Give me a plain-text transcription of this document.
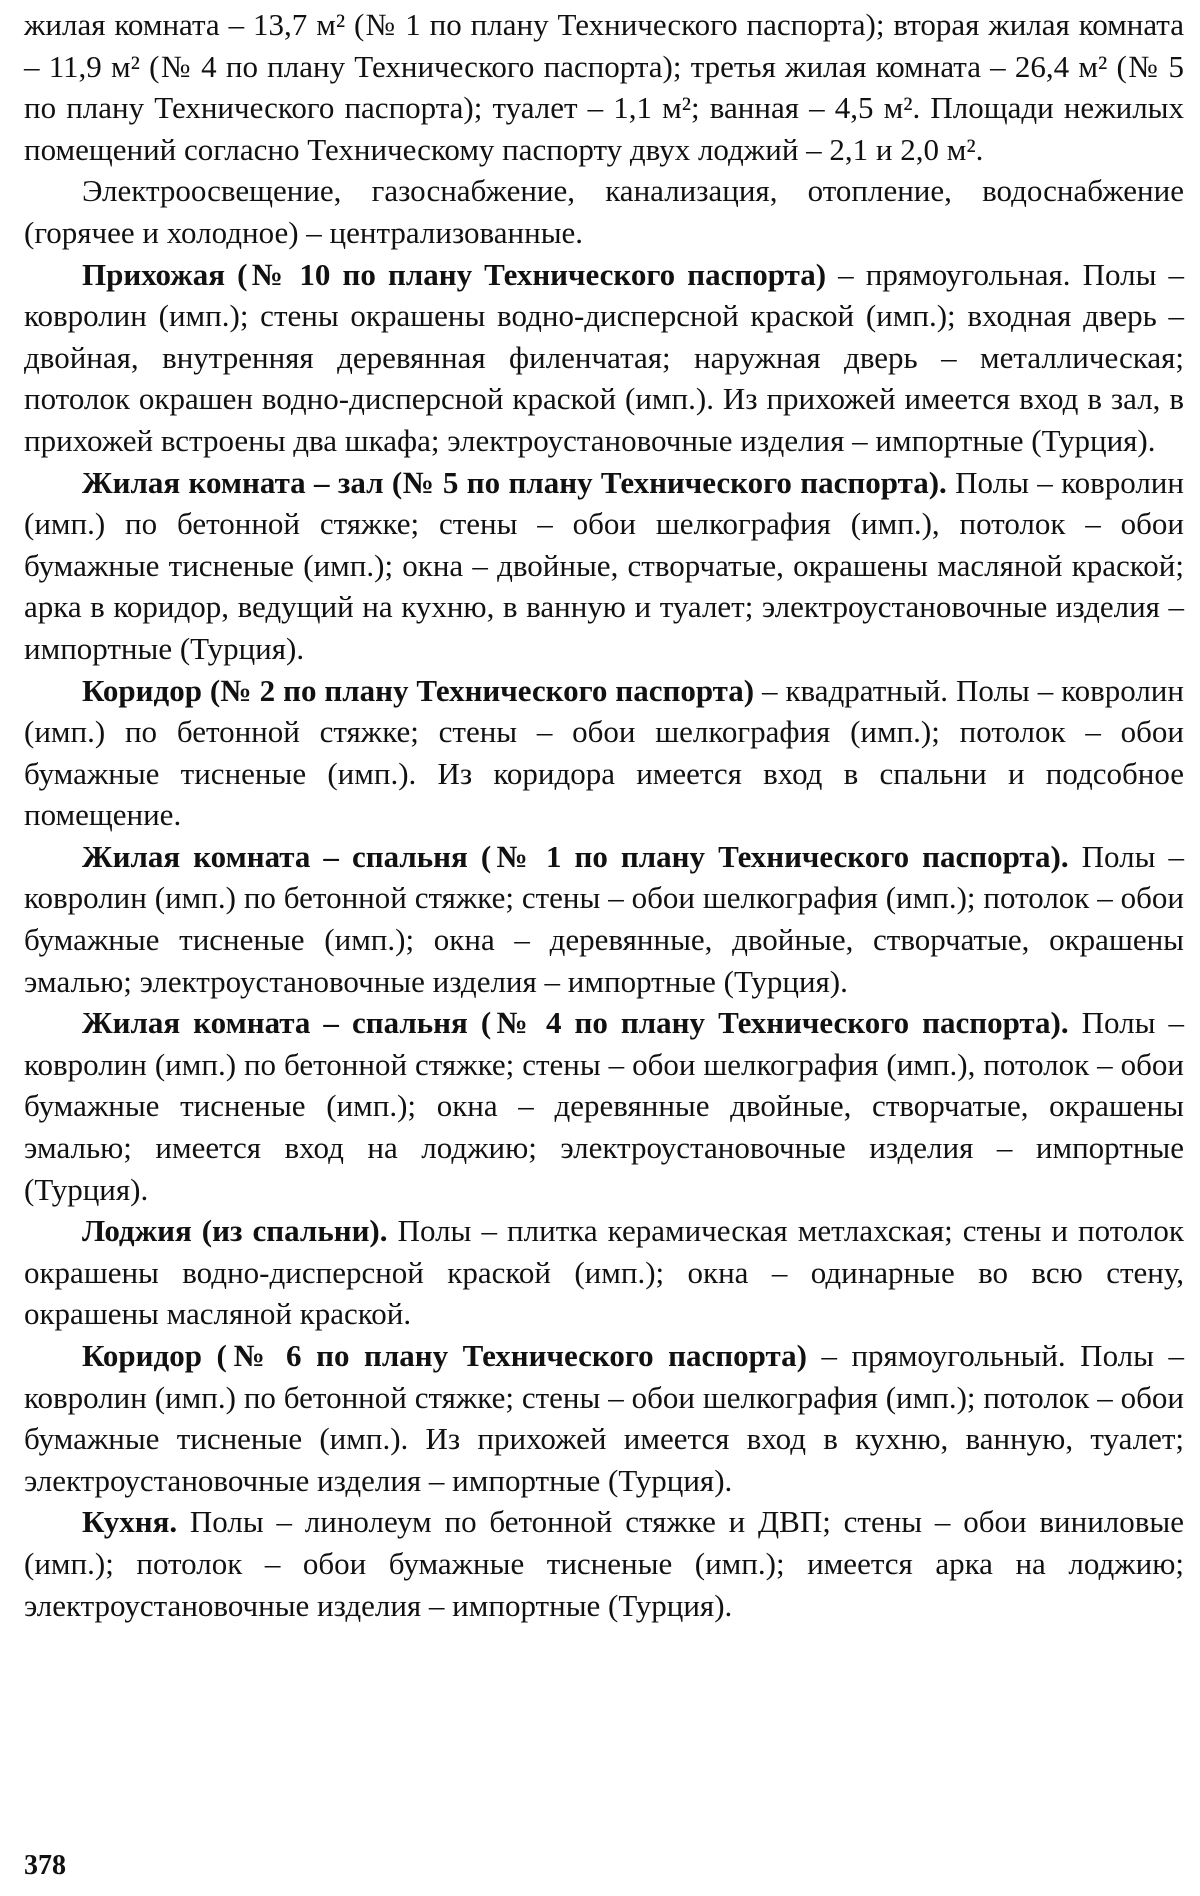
жилая комната – 13,7 м² (№ 1 по плану Технического паспорта); вторая жилая комната – 11,9 м² (№ 4 по плану Технического паспорта); третья жилая комната – 26,4 м² (№ 5 по плану Технического паспорта); туалет – 1,1 м²; ванная – 4,5 м². Площади нежилых помещений согласно Техническому паспорту двух лоджий – 2,1 и 2,0 м².

Электроосвещение, газоснабжение, канализация, отопление, водоснабжение (горячее и холодное) – централизованные.

Прихожая (№ 10 по плану Технического паспорта) – прямоугольная. Полы – ковролин (имп.); стены окрашены водно-дисперсной краской (имп.); входная дверь – двойная, внутренняя деревянная филенчатая; наружная дверь – металлическая; потолок окрашен водно-дисперсной краской (имп.). Из прихожей имеется вход в зал, в прихожей встроены два шкафа; электроустановочные изделия – импортные (Турция).

Жилая комната – зал (№ 5 по плану Технического паспорта). Полы – ковролин (имп.) по бетонной стяжке; стены – обои шелкография (имп.), потолок – обои бумажные тисненые (имп.); окна – двойные, створчатые, окрашены масляной краской; арка в коридор, ведущий на кухню, в ванную и туалет; электроустановочные изделия – импортные (Турция).

Коридор (№ 2 по плану Технического паспорта) – квадратный. Полы – ковролин (имп.) по бетонной стяжке; стены – обои шелкография (имп.); потолок – обои бумажные тисненые (имп.). Из коридора имеется вход в спальни и подсобное помещение.

Жилая комната – спальня (№ 1 по плану Технического паспорта). Полы – ковролин (имп.) по бетонной стяжке; стены – обои шелкография (имп.); потолок – обои бумажные тисненые (имп.); окна – деревянные, двойные, створчатые, окрашены эмалью; электроустановочные изделия – импортные (Турция).

Жилая комната – спальня (№ 4 по плану Технического паспорта). Полы – ковролин (имп.) по бетонной стяжке; стены – обои шелкография (имп.), потолок – обои бумажные тисненые (имп.); окна – деревянные двойные, створчатые, окрашены эмалью; имеется вход на лоджию; электроустановочные изделия – импортные (Турция).

Лоджия (из спальни). Полы – плитка керамическая метлахская; стены и потолок окрашены водно-дисперсной краской (имп.); окна – одинарные во всю стену, окрашены масляной краской.

Коридор (№ 6 по плану Технического паспорта) – прямоугольный. Полы – ковролин (имп.) по бетонной стяжке; стены – обои шелкография (имп.); потолок – обои бумажные тисненые (имп.). Из прихожей имеется вход в кухню, ванную, туалет; электроустановочные изделия – импортные (Турция).

Кухня. Полы – линолеум по бетонной стяжке и ДВП; стены – обои виниловые (имп.); потолок – обои бумажные тисненые (имп.); имеется арка на лоджию; электроустановочные изделия – импортные (Турция).

378
